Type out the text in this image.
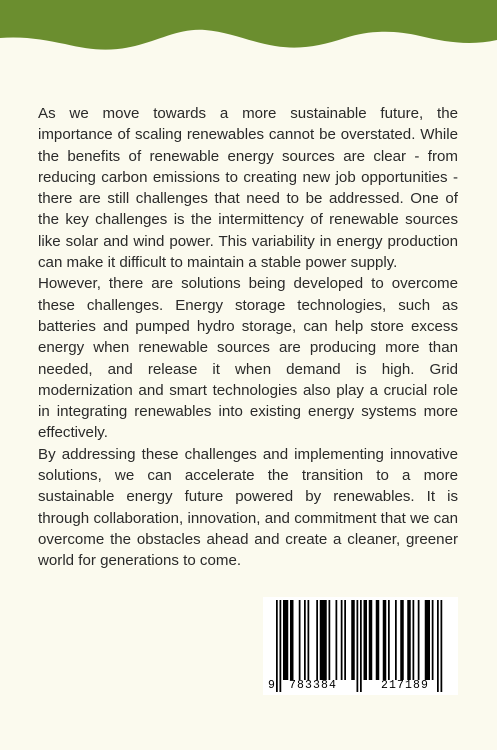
As we move towards a more sustainable future, the importance of scaling renewables cannot be overstated. While the benefits of renewable energy sources are clear - from reducing carbon emissions to creating new job opportunities - there are still challenges that need to be addressed. One of the key challenges is the intermittency of renewable sources like solar and wind power. This variability in energy production can make it difficult to maintain a stable power supply.

However, there are solutions being developed to overcome these challenges. Energy storage technologies, such as batteries and pumped hydro storage, can help store excess energy when renewable sources are producing more than needed, and release it when demand is high. Grid modernization and smart technologies also play a crucial role in integrating renewables into existing energy systems more effectively.

By addressing these challenges and implementing innovative solutions, we can accelerate the transition to a more sustainable energy future powered by renewables. It is through collaboration, innovation, and commitment that we can overcome the obstacles ahead and create a cleaner, greener world for generations to come.

9 783384	217189
